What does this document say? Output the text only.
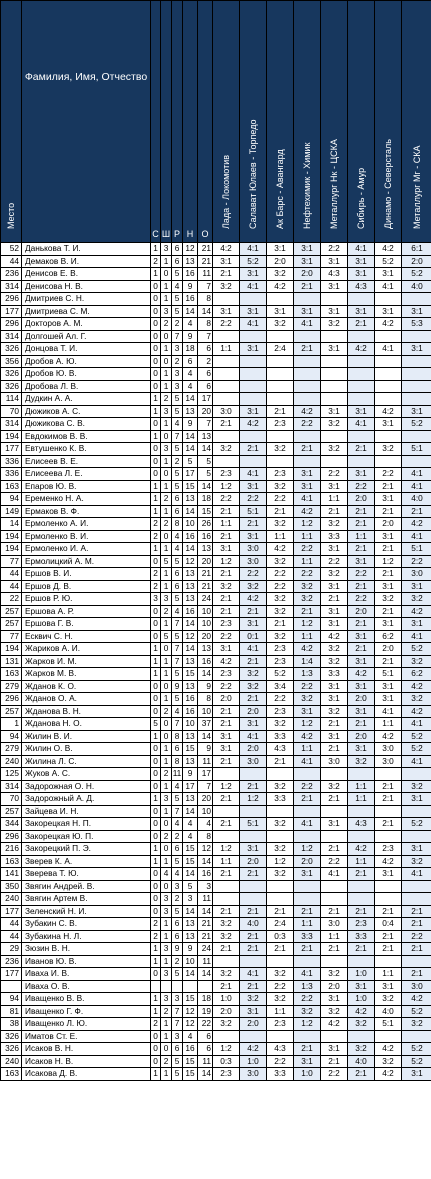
Место	Фамилия, Имя, Отчество	С	Ш	Р	Н	О	Лада - Локомотив	Салават Юлаев - Торпедо	Ак Барс - Авангард	Нефтехимик - Химик	Металлург Нк - ЦСКА	Сибирь - Амур	Динамо - Северсталь	Металлург Мг - СКА

52	Данькова Т. И.	1	3	6	12	21	4:2	4:1	3:1	3:1	2:2	4:1	4:2	6:1
44	Демаков В. И.	2	1	6	13	21	3:1	5:2	2:0	3:1	3:1	3:1	5:2	2:0
236	Денисов Е. В.	1	0	5	16	11	2:1	3:1	3:2	2:0	4:3	3:1	3:1	5:2
314	Денисова Н. В.	0	1	4	9	7	3:2	4:1	4:2	2:1	3:1	4:3	4:1	4:0
296	Дмитриев С. Н.	0	1	5	16	8								
177	Дмитриева С. М.	0	3	5	14	14	3:1	3:1	3:1	3:1	3:1	3:1	3:1	3:1
296	Докторов А. М.	0	2	2	4	8	2:2	4:1	3:2	4:1	3:2	2:1	4:2	5:3
314	Долгошей Ал. Г.	0	0	7	9	7								
326	Донцова Т. И.	0	1	3	18	6	1:1	3:1	2:4	2:1	3:1	4:2	4:1	3:1
356	Дробов А. Ю.	0	0	2	6	2								
326	Дробов Ю. В.	0	1	3	4	6								
326	Дробова Л. В.	0	1	3	4	6								
114	Дудкин А. А.	1	2	5	14	17								
70	Дюжиков А. С.	1	3	5	13	20	3:0	3:1	2:1	4:2	3:1	3:1	4:2	3:1
314	Дюжикова С. В.	0	1	4	9	7	2:1	4:2	2:3	2:2	3:2	4:1	3:1	5:2
194	Евдокимов В. В.	1	0	7	14	13								
177	Евтушенко К. В.	0	3	5	14	14	3:2	2:1	3:2	2:1	3:2	2:1	3:2	5:1
336	Елисеев В. Е.	0	1	2	5	5								
336	Елисеева Л. Е.	0	0	5	17	5	2:3	4:1	2:3	3:1	2:2	3:1	2:2	4:1
163	Епаров Ю. В.	1	1	5	15	14	1:2	3:1	3:2	3:1	3:1	2:2	2:1	4:1
94	Еременко Н. А.	1	2	6	13	18	2:2	2:2	2:2	4:1	1:1	2:0	3:1	4:0
149	Ермаков В. Ф.	1	1	6	14	15	2:1	5:1	2:1	4:2	2:1	2:1	2:1	2:1
14	Ермоленко А. И.	2	2	8	10	26	1:1	2:1	3:2	1:2	3:2	2:1	2:0	4:2
194	Ермоленко В. И.	2	0	4	16	16	2:1	3:1	1:1	1:1	3:3	1:1	3:1	4:1
194	Ермоленко И. А.	1	1	4	14	13	3:1	3:0	4:2	2:2	3:1	2:1	2:1	5:1
77	Ермолицкий А. М.	0	5	5	12	20	1:2	3:0	3:2	1:1	2:2	3:1	1:2	2:2
44	Ершов В. И.	2	1	6	13	21	2:1	2:2	2:2	2:2	3:2	2:2	2:1	3:0
44	Ершов Д. В.	2	1	6	13	21	3:2	3:2	2:2	3:2	3:1	2:1	3:1	3:1
22	Ершов Р. Ю.	3	3	5	13	24	2:1	4:2	3:2	3:2	2:1	2:2	3:2	3:2
257	Ершова А. Р.	0	2	4	16	10	2:1	2:1	3:2	2:1	3:1	2:0	2:1	4:2
257	Ершова Г. В.	0	1	7	14	10	2:3	3:1	2:1	1:2	3:1	2:1	3:1	3:1
77	Есквич С. Н.	0	5	5	12	20	2:2	0:1	3:2	1:1	4:2	3:1	6:2	4:1
194	Жариков А. И.	1	0	7	14	13	3:1	4:1	2:3	4:2	3:2	2:1	2:0	5:2
131	Жарков И. М.	1	1	7	13	16	4:2	2:1	2:3	1:4	3:2	3:1	2:1	3:2
163	Жарков М. В.	1	1	5	15	14	2:3	3:2	5:2	1:3	3:3	4:2	5:1	6:2
279	Жданов К. О.	0	0	9	13	9	2:2	3:2	3:4	2:2	3:1	3:1	3:1	4:2
296	Жданов О. А.	0	1	5	16	8	2:0	2:1	2:2	3:2	3:1	2:0	3:1	3:2
257	Жданова В. Н.	0	2	4	16	10	2:1	2:0	2:3	3:1	3:2	3:1	4:1	4:2
1	Жданова Н. О.	5	0	7	10	37	2:1	3:1	3:2	1:2	2:1	2:1	1:1	4:1
94	Жилин В. И.	1	0	8	13	14	3:1	4:1	3:3	4:2	3:1	2:0	4:2	5:2
279	Жилин О. В.	0	1	6	15	9	3:1	2:0	4:3	1:1	2:1	3:1	3:0	5:2
240	Жилина Л. С.	0	1	8	13	11	2:1	3:0	2:1	4:1	3:0	3:2	3:0	4:1
125	Жуков А. С.	0	2	11	9	17								
314	Задорожная О. Н.	0	1	4	17	7	1:2	2:1	3:2	2:2	3:2	1:1	2:1	3:2
70	Задорожный А. Д.	1	3	5	13	20	2:1	1:2	3:3	2:1	2:1	1:1	2:1	3:1
257	Зайцева И. Н.	0	1	7	14	10								
344	Закорецкая Н. П.	0	0	4	4	4	2:1	5:1	3:2	4:1	3:1	4:3	2:1	5:2
296	Закорецкая Ю. П.	0	2	2	4	8								
216	Закорецкий П. Э.	1	0	6	15	12	1:2	3:1	3:2	1:2	2:1	4:2	2:3	3:1
163	Зверев К. А.	1	1	5	15	14	1:1	2:0	1:2	2:0	2:2	1:1	4:2	3:2
141	Зверева Т. Ю.	0	4	4	14	16	2:1	2:1	3:2	3:1	4:1	2:1	3:1	4:1
350	Звягин Андрей. В.	0	0	3	5	3								
240	Звягин Артем В.	0	3	2	3	11								
177	Зеленский Н. И.	0	3	5	14	14	2:1	2:1	2:1	2:1	2:1	2:1	2:1	2:1
44	Зубакин С. В.	2	1	6	13	21	3:2	4:0	2:4	1:1	3:0	2:3	0:4	2:1
44	Зубакина Н. Л.	2	1	6	13	21	3:2	2:1	0:3	3:3	1:1	3:3	2:1	2:2
29	Зюзин В. Н.	1	3	9	9	24	2:1	2:1	2:1	2:1	2:1	2:1	2:1	2:1
236	Иванов Ю. В.	1	1	2	10	11								
177	Иваха И. В.	0	3	5	14	14	3:2	4:1	3:2	4:1	3:2	1:0	1:1	2:1
	Иваха О. В.						2:1	2:1	2:2	1:3	2:0	3:1	3:1	3:0
94	Иващенко В. В.	1	3	3	15	18	1:0	3:2	3:2	2:2	3:1	1:0	3:2	4:2
81	Иващенко Г. Ф.	1	2	7	12	19	2:0	3:1	1:1	3:2	3:2	4:2	4:0	5:2
38	Иващенко Л. Ю.	2	1	7	12	22	3:2	2:0	2:3	1:2	4:2	3:2	5:1	3:2
326	Иматов Ст. Е.	0	1	3	4	6								
326	Исаков В. Н.	0	0	6	16	6	1:2	4:2	4:3	2:1	3:1	3:2	4:2	5:2
240	Исаков Н. В.	0	2	5	15	11	0:3	1:0	2:2	3:1	2:1	4:0	3:2	5:2
163	Исакова Д. В.	1	1	5	15	14	2:3	3:0	3:3	1:0	2:2	2:1	4:2	3:1
